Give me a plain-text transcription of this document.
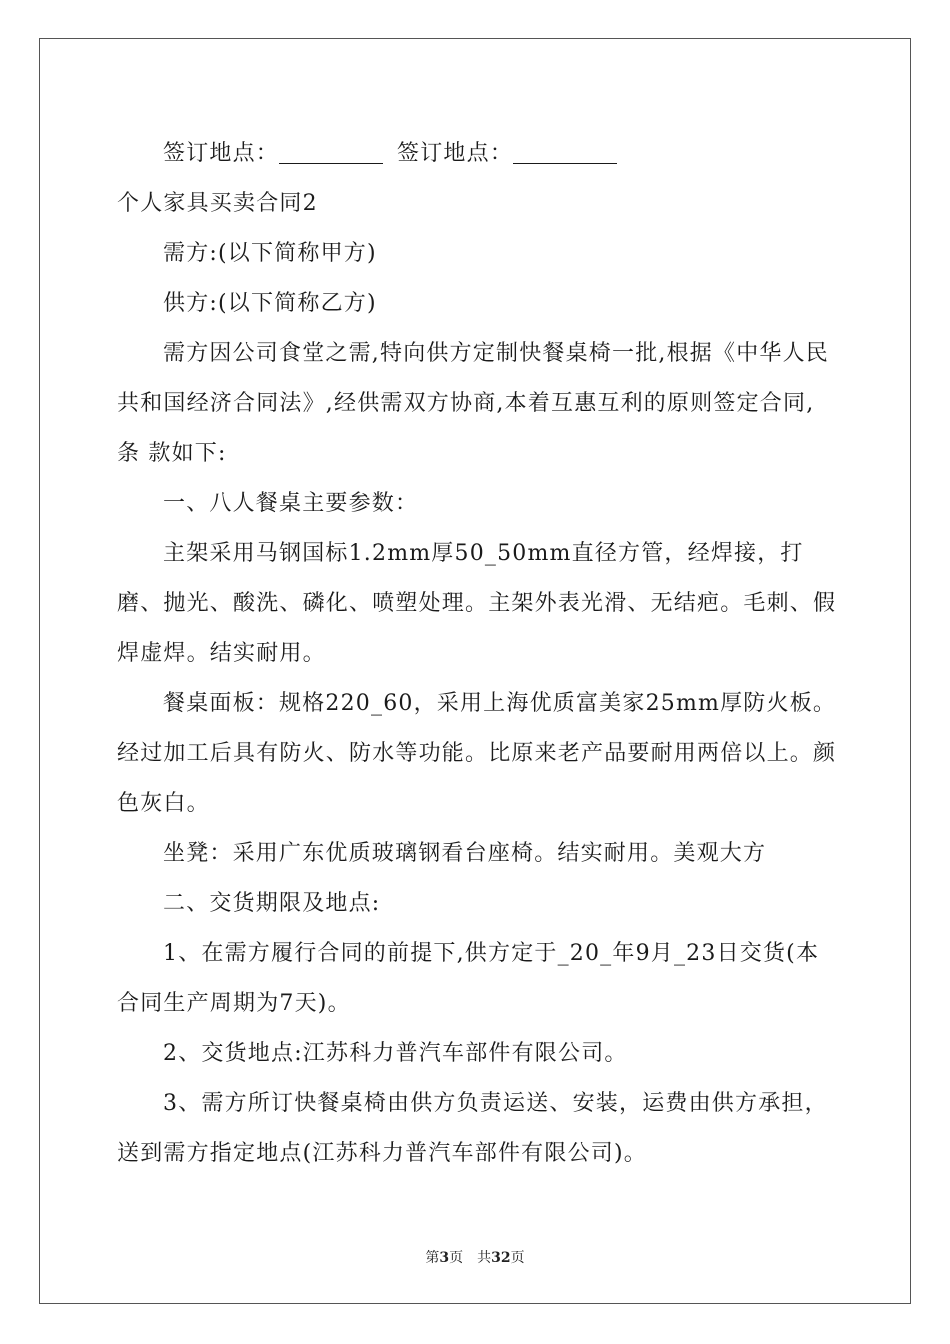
签订地点：	签订地点：

个人家具买卖合同2

需方:(以下简称甲方)

供方:(以下简称乙方)

需方因公司食堂之需,特向供方定制快餐桌椅一批,根据《中华人民共和国经济合同法》,经供需双方协商,本着互惠互利的原则签定合同,条 款如下:

一、八人餐桌主要参数：

主架采用马钢国标1.2mm厚50_50mm直径方管，经焊接，打磨、抛光、酸洗、磷化、喷塑处理。主架外表光滑、无结疤。毛刺、假焊虚焊。结实耐用。

餐桌面板：规格220_60，采用上海优质富美家25mm厚防火板。经过加工后具有防火、防水等功能。比原来老产品要耐用两倍以上。颜色灰白。

坐凳：采用广东优质玻璃钢看台座椅。结实耐用。美观大方

二、交货期限及地点:

1、在需方履行合同的前提下,供方定于_20_年9月_23日交货(本合同生产周期为7天)。

2、交货地点:江苏科力普汽车部件有限公司。

3、需方所订快餐桌椅由供方负责运送、安装，运费由供方承担，送到需方指定地点(江苏科力普汽车部件有限公司)。

第3页 共32页
